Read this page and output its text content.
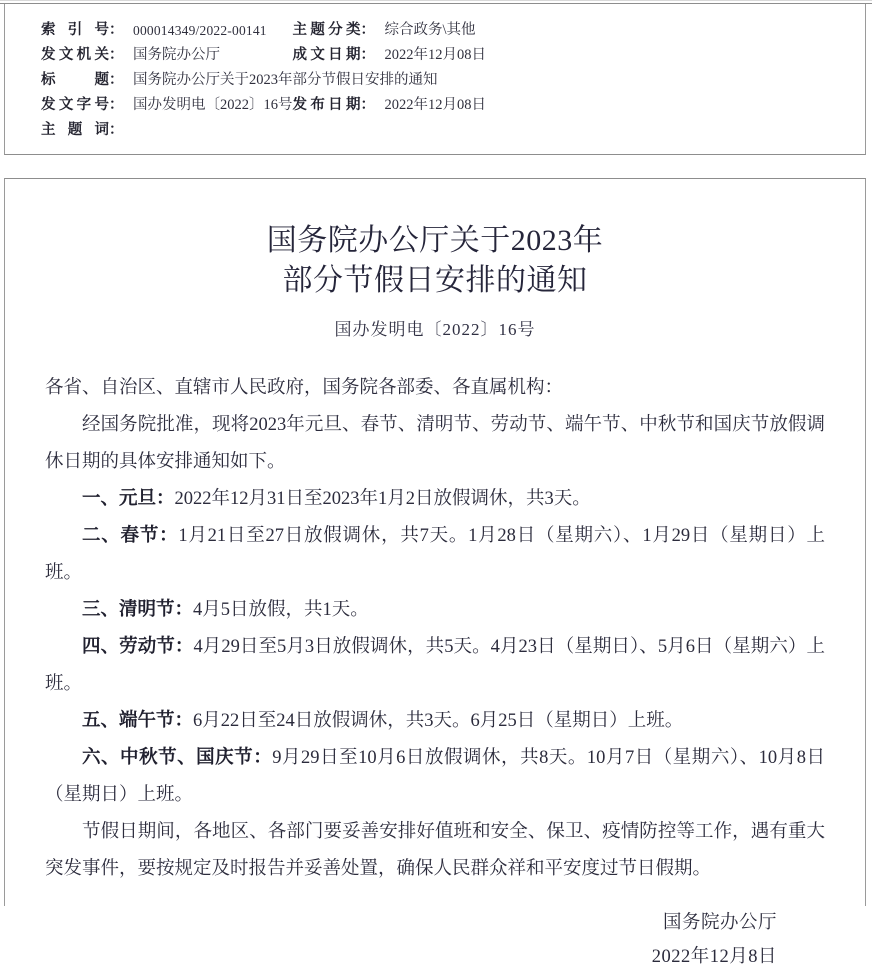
索 引 号：	000014349/2022-00141	主题分类：	综合政务\其他
发文机关：	国务院办公厅	成文日期：	2022年12月08日
标 题：	国务院办公厅关于2023年部分节假日安排的通知		
发文字号：	国办发明电〔2022〕16号	发布日期：	2022年12月08日
主 题 词：			
国务院办公厅关于2023年
部分节假日安排的通知
国办发明电〔2022〕16号

各省、自治区、直辖市人民政府，国务院各部委、各直属机构：

经国务院批准，现将2023年元旦、春节、清明节、劳动节、端午节、中秋节和国庆节放假调休日期的具体安排通知如下。

一、元旦：2022年12月31日至2023年1月2日放假调休，共3天。

二、春节：1月21日至27日放假调休，共7天。1月28日（星期六）、1月29日（星期日）上班。

三、清明节：4月5日放假，共1天。

四、劳动节：4月29日至5月3日放假调休，共5天。4月23日（星期日）、5月6日（星期六）上班。

五、端午节：6月22日至24日放假调休，共3天。6月25日（星期日）上班。

六、中秋节、国庆节：9月29日至10月6日放假调休，共8天。10月7日（星期六）、10月8日（星期日）上班。

节假日期间，各地区、各部门要妥善安排好值班和安全、保卫、疫情防控等工作，遇有重大突发事件，要按规定及时报告并妥善处置，确保人民群众祥和平安度过节日假期。

国务院办公厅
2022年12月8日
